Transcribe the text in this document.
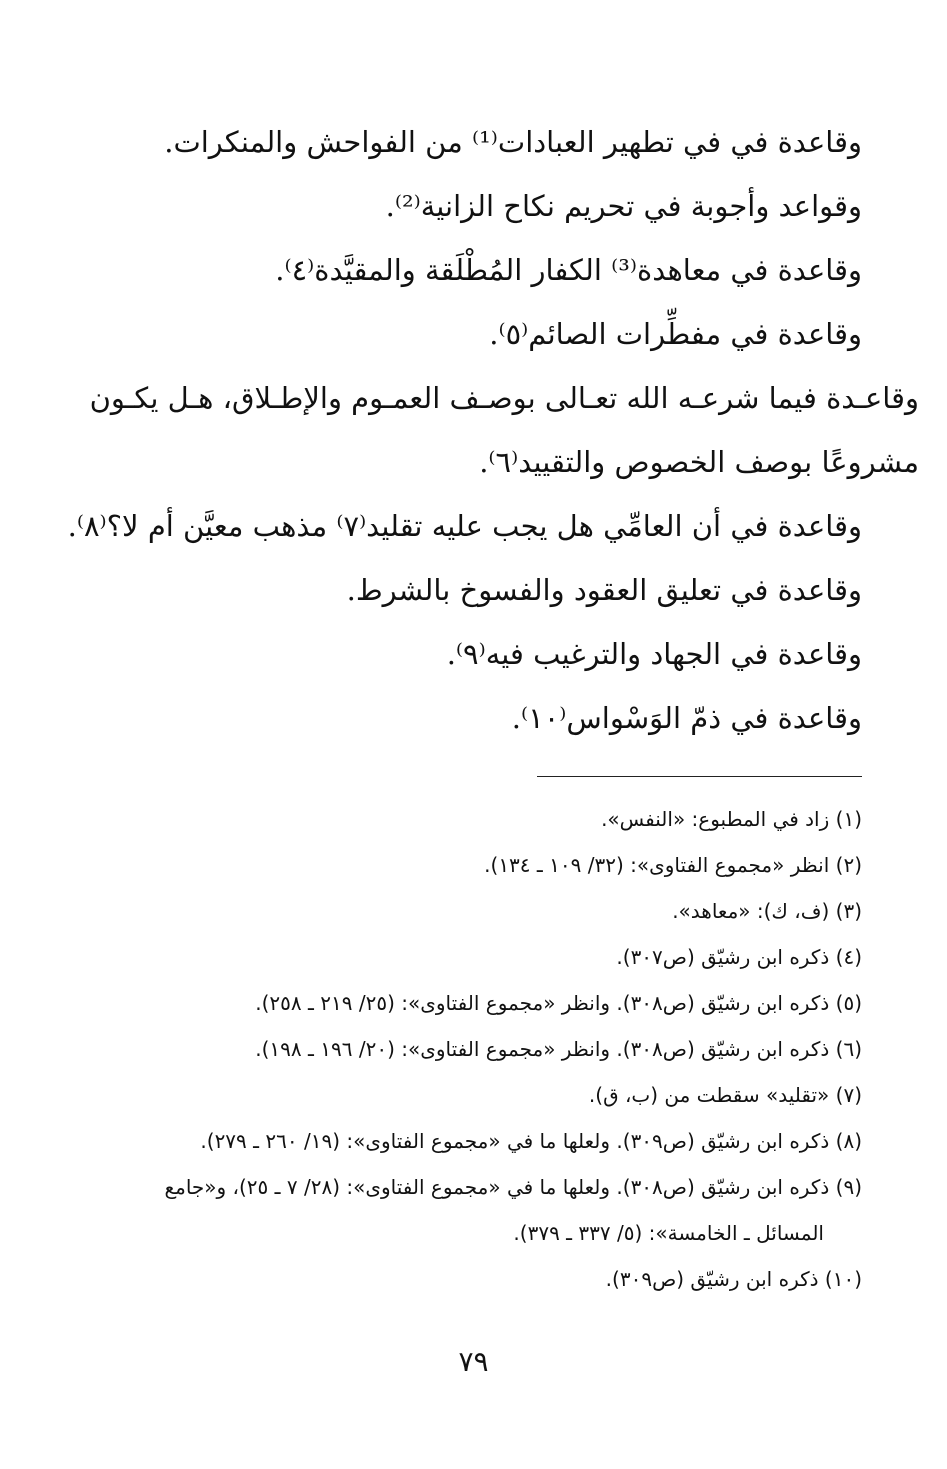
وقاعدة في في تطهير العبادات⁽¹⁾ من الفواحش والمنكرات.

وقواعد وأجوبة في تحريم نكاح الزانية⁽²⁾.

وقاعدة في معاهدة⁽³⁾ الكفار المُطْلَقة والمقيَّدة⁽٤⁾.

وقاعدة في مفطِّرات الصائم⁽٥⁾.

وقاعـدة فيما شرعـه الله تعـالى بوصـف العمـوم والإطـلاق، هـل يكـون

مشروعًا بوصف الخصوص والتقييد⁽٦⁾.

وقاعدة في أن العامِّي هل يجب عليه تقليد⁽٧⁾ مذهب معيَّن أم لا؟⁽٨⁾.

وقاعدة في تعليق العقود والفسوخ بالشرط.

وقاعدة في الجهاد والترغيب فيه⁽٩⁾.

وقاعدة في ذمّ الوَسْواس⁽١٠⁾.

(١) زاد في المطبوع: «النفس».

(٢) انظر «مجموع الفتاوى»: (٣٢/ ١٠٩ ـ ١٣٤).

(٣) (ف، ك): «معاهد».

(٤) ذكره ابن رشيّق (ص٣٠٧).

(٥) ذكره ابن رشيّق (ص٣٠٨). وانظر «مجموع الفتاوى»: (٢٥/ ٢١٩ ـ ٢٥٨).

(٦) ذكره ابن رشيّق (ص٣٠٨). وانظر «مجموع الفتاوى»: (٢٠/ ١٩٦ ـ ١٩٨).

(٧) «تقليد» سقطت من (ب، ق).

(٨) ذكره ابن رشيّق (ص٣٠٩). ولعلها ما في «مجموع الفتاوى»: (١٩/ ٢٦٠ ـ ٢٧٩).

(٩) ذكره ابن رشيّق (ص٣٠٨). ولعلها ما في «مجموع الفتاوى»: (٢٨/ ٧ ـ ٢٥)، و«جامع

المسائل ـ الخامسة»: (٥/ ٣٣٧ ـ ٣٧٩).

(١٠) ذكره ابن رشيّق (ص٣٠٩).

٧٩
